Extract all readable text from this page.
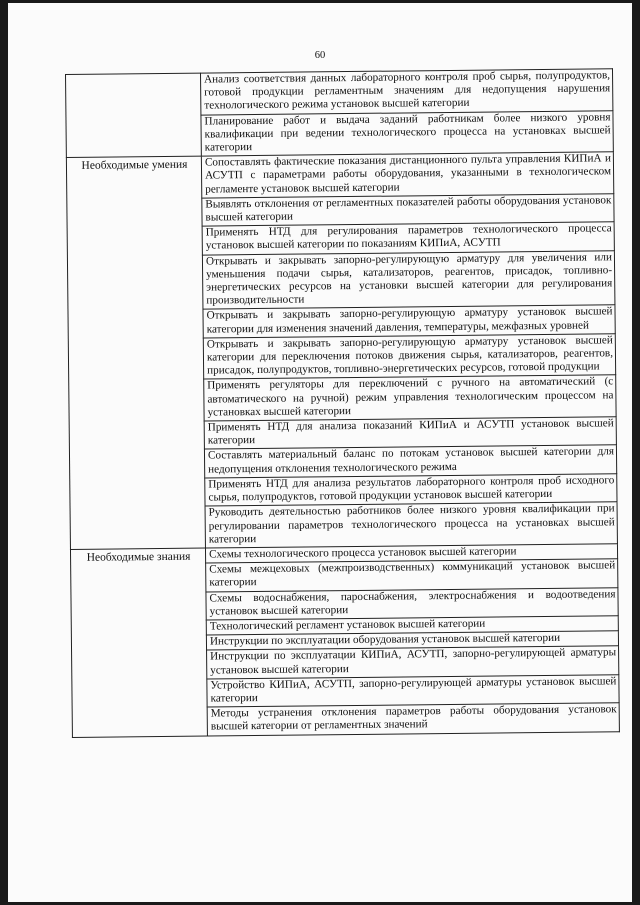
60
	Анализ соответствия данных лабораторного контроля проб сырья, полупродуктов, готовой продукции регламентным значениям для недопущения нарушения технологического режима установок высшей категории
	Планирование работ и выдача заданий работникам более низкого уровня квалификации при ведении технологического процесса на установках высшей категории
Необходимые умения	Сопоставлять фактические показания дистанционного пульта управления КИПиА и АСУТП с параметрами работы оборудования, указанными в технологическом регламенте установок высшей категории
	Выявлять отклонения от регламентных показателей работы оборудования установок высшей категории
	Применять НТД для регулирования параметров технологического процесса установок высшей категории по показаниям КИПиА, АСУТП
	Открывать и закрывать запорно-регулирующую арматуру для увеличения или уменьшения подачи сырья, катализаторов, реагентов, присадок, топливно-энергетических ресурсов на установки высшей категории для регулирования производительности
	Открывать и закрывать запорно-регулирующую арматуру установок высшей категории для изменения значений давления, температуры, межфазных уровней
	Открывать и закрывать запорно-регулирующую арматуру установок высшей категории для переключения потоков движения сырья, катализаторов, реагентов, присадок, полупродуктов, топливно-энергетических ресурсов, готовой продукции
	Применять регуляторы для переключений с ручного на автоматический (с автоматического на ручной) режим управления технологическим процессом на установках высшей категории
	Применять НТД для анализа показаний КИПиА и АСУТП установок высшей категории
	Составлять материальный баланс по потокам установок высшей категории для недопущения отклонения технологического режима
	Применять НТД для анализа результатов лабораторного контроля проб исходного сырья, полупродуктов, готовой продукции установок высшей категории
	Руководить деятельностью работников более низкого уровня квалификации при регулировании параметров технологического процесса на установках высшей категории
Необходимые знания	Схемы технологического процесса установок высшей категории
	Схемы межцеховых (межпроизводственных) коммуникаций установок высшей категории
	Схемы водоснабжения, пароснабжения, электроснабжения и водоотведения установок высшей категории
	Технологический регламент установок высшей категории
	Инструкции по эксплуатации оборудования установок высшей категории
	Инструкции по эксплуатации КИПиА, АСУТП, запорно-регулирующей арматуры установок высшей категории
	Устройство КИПиА, АСУТП, запорно-регулирующей арматуры установок высшей категории
	Методы устранения отклонения параметров работы оборудования установок высшей категории от регламентных значений
